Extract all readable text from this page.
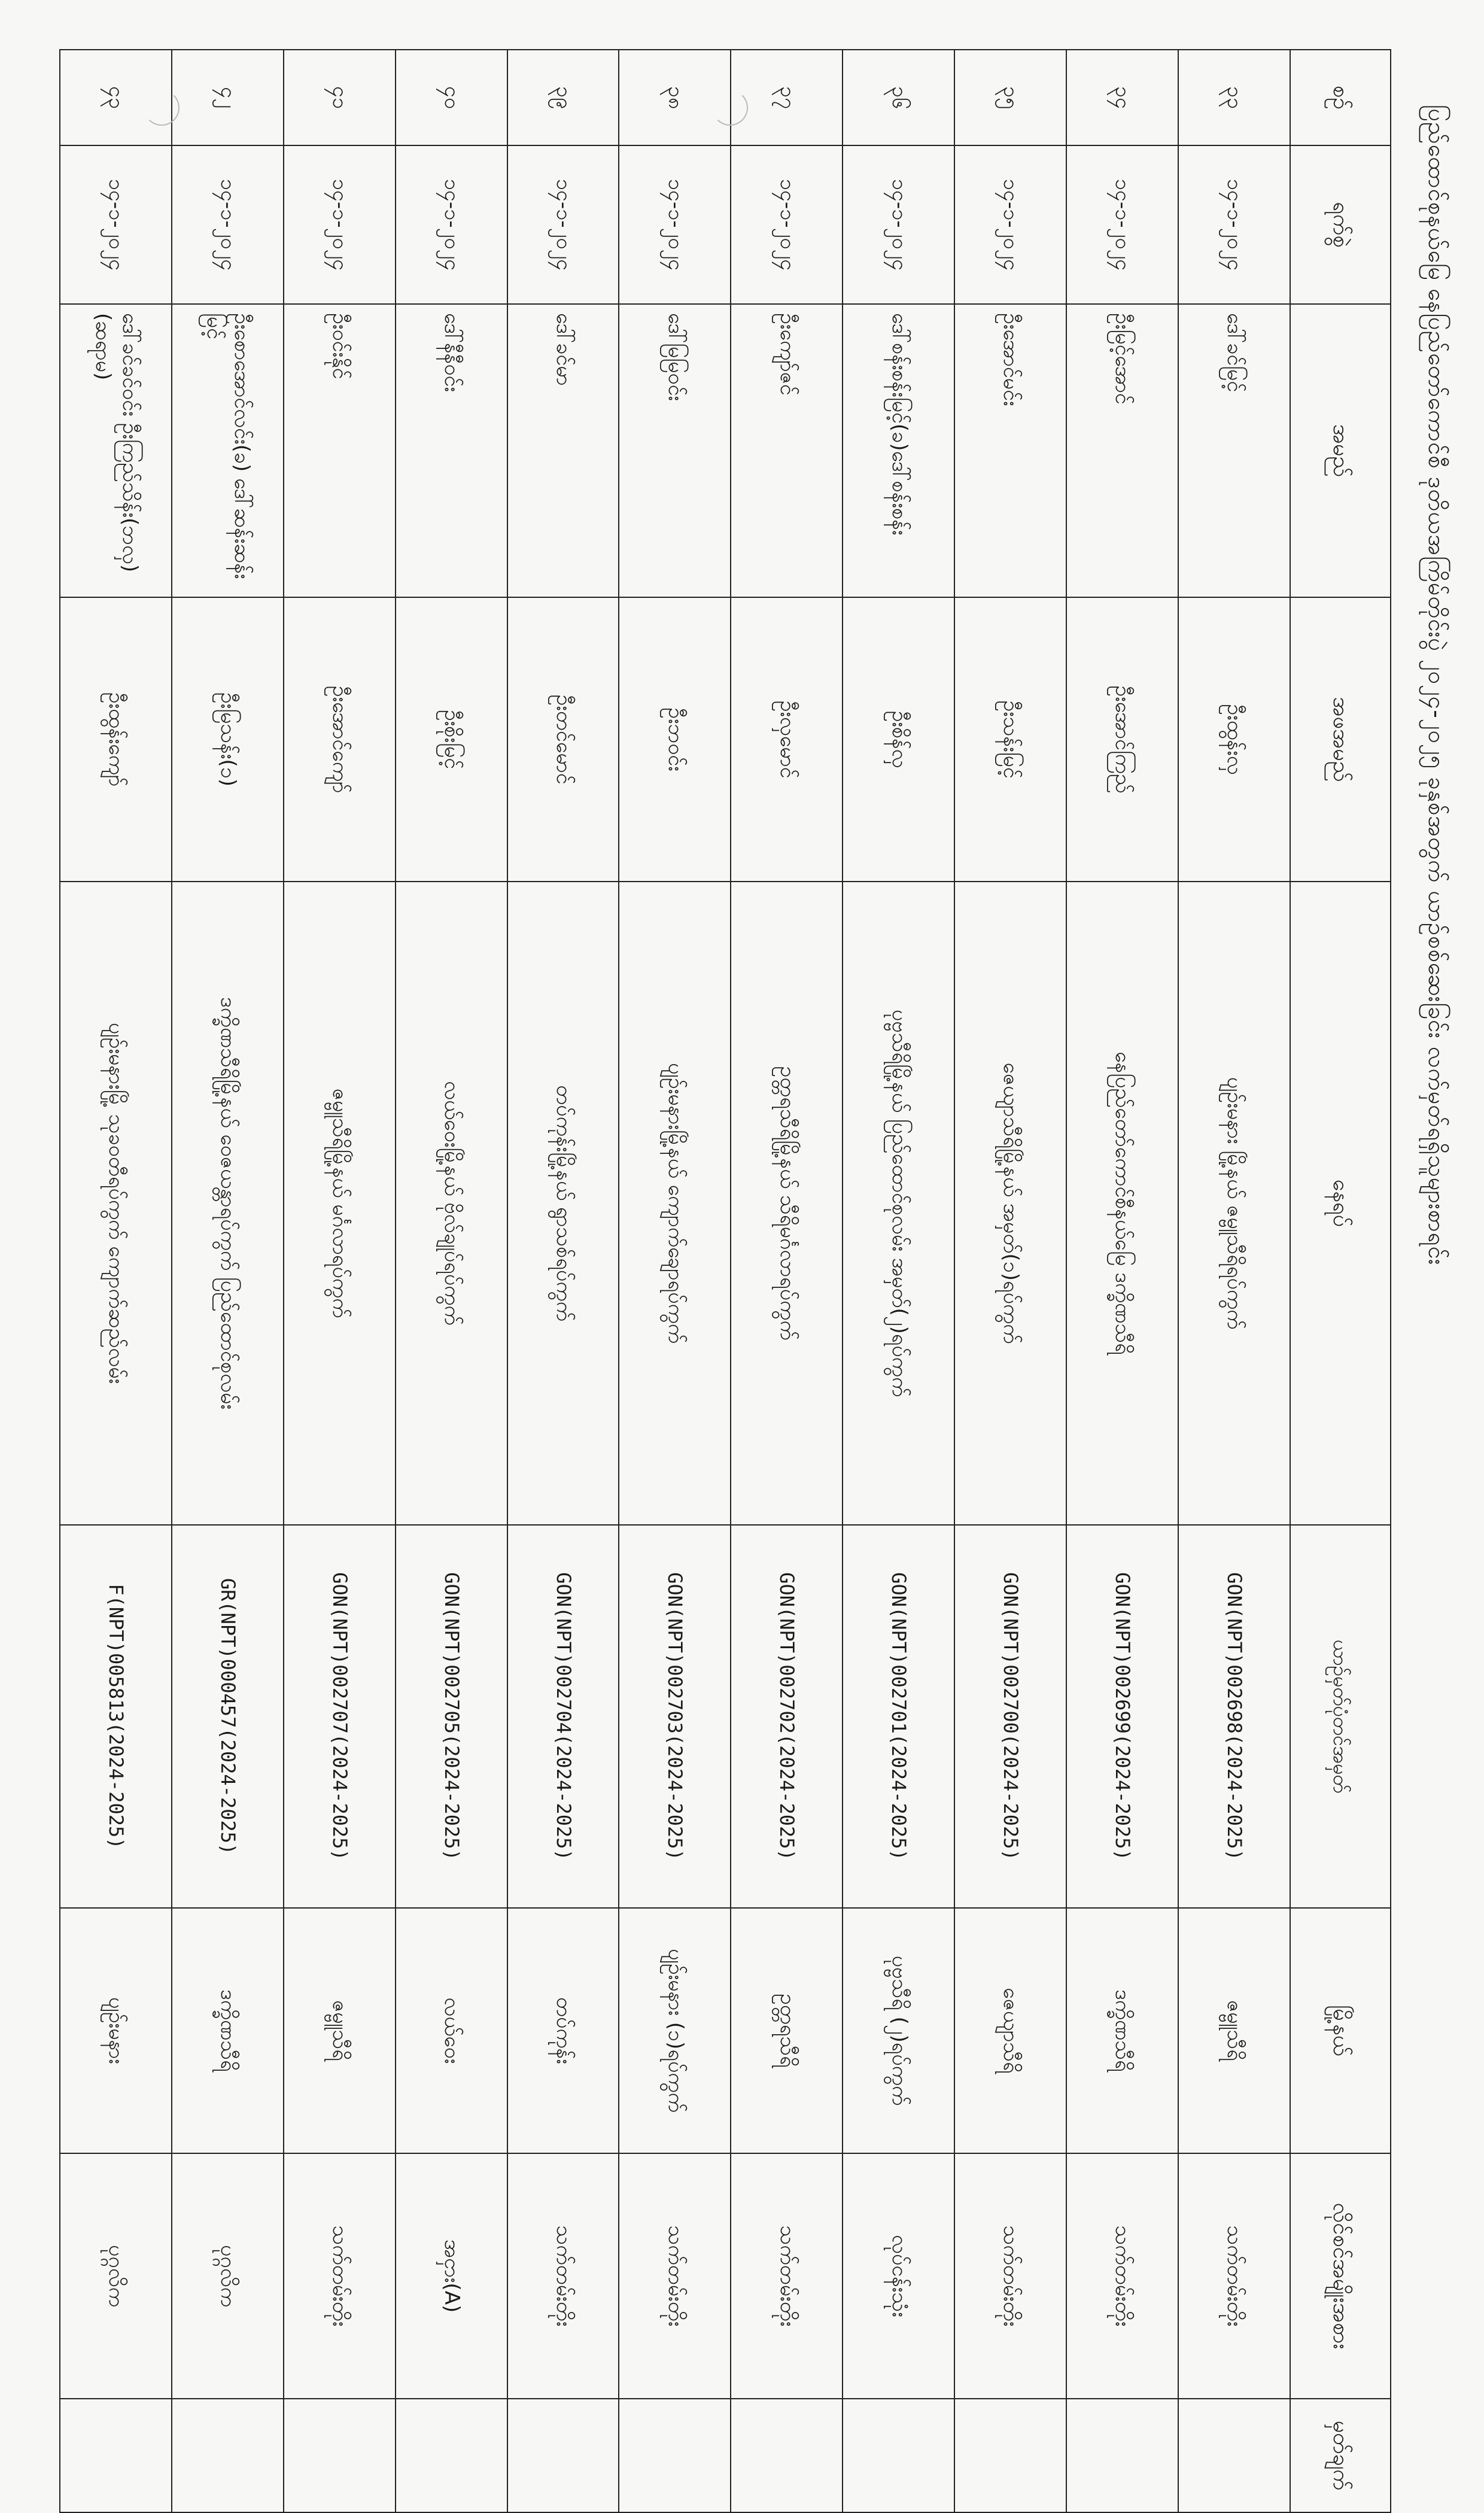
ပြည်ထောင်စုနယ်မြေ နေပြည်တော်ကောင်စီ ဒုတိယအကြိမ်တိုင်းပွဲ ၂၀၂၄-၂၀၂၅ ခုနှစ်အတွက် ယာဉ်စစ်ဆေးခြင်း လက်မှတ်ရရှိသူများစာရင်း
စဉ်	ရက်စွဲ	အမည်	အဖအမည်	နေရပ်	ယာဉ်မှတ်ပုံတင်အမှတ်	မြို့နယ်	လိုင်စင်အမျိုးအစား	မှတ်ချက်
၃၃	၁၄-၁-၂၀၂၄	ဒေါ်ခင်မြင့်	ဦးထွန်းလှ	ပျဉ်းမနား မြို့နယ် ဇမ္ဗူသီရိရပ်ကွက်	GON(NPT)002698(2024-2025)	ဇမ္ဗူသီရိ	သက်တမ်းတိုး	
၃၄	၁၄-၁-၂၀၂၄	ဦးမြင့်အောင်	ဦးအောင်ကြည်	နေပြည်တော်ကောင်စီနယ်မြေ ဒက္ခိဏသီရိ	GON(NPT)002699(2024-2025)	ဒက္ခိဏသီရိ	သက်တမ်းတိုး	
၃၅	၁၄-၁-၂၀၂၄	ဦးအောင်မင်း	ဦးသန်းမြင့်	ဇေယျာသီရိမြို့နယ် အမှတ်(၁)ရပ်ကွက်	GON(NPT)002700(2024-2025)	ဇေယျာသီရိ	သက်တမ်းတိုး	
၃၆	၁၄-၁-၂၀၂၄	ဒေါ်စန်းစန်းမြင့်(ခ)ဒေါ်စန်းစန်း	ဦးစိန်လှ	ပုဗ္ဗသီရိမြို့နယ် ပြည်ထောင်စုလမ်း အမှတ်(၂)ရပ်ကွက်	GON(NPT)002701(2024-2025)	ပုဗ္ဗသီရိ (၂)ရပ်ကွက်	လုပ်ငန်းသုံး	
၃၇	၁၄-၁-၂၀၂၄	ဦးကျော်ဇင်	ဦးလှမောင်	ဥတ္တရသီရိမြို့နယ် သီရိမင်္ဂလာရပ်ကွက်	GON(NPT)002702(2024-2025)	ဥတ္တရသီရိ	သက်တမ်းတိုး	
၃၈	၁၄-၁-၂၀၂၄	ဒေါ်မြမြဝင်း	ဦးဘဝင်း	ပျဉ်းမနားမြို့နယ် ကျောက်ချောရပ်ကွက်	GON(NPT)002703(2024-2025)	ပျဉ်းမနား (၁)ရပ်ကွက်	သက်တမ်းတိုး	
၃၉	၁၄-၁-၂၀၂၄	ဒေါ်ခင်မာ	ဦးတင်မောင်	တပ်ကုန်းမြို့နယ် ရွာသစ်ရပ်ကွက်	GON(NPT)002704(2024-2025)	တပ်ကုန်း	သက်တမ်းတိုး	
၄၀	၁၄-၁-၂၀၂၄	ဒေါ်နီနီဝင်း	ဦးစိုးမြင့်	လယ်ဝေးမြို့နယ် ဗိုလ်ချုပ်ရပ်ကွက်	GON(NPT)002705(2024-2025)	လယ်ဝေး	အငှား(A)	
၄၁	၁၄-၁-၂၀၂၄	ဦးဝင်းနိုင်	ဦးအောင်ကျော်	ဇမ္ဗူသီရိမြို့နယ် မင်္ဂလာရပ်ကွက်	GON(NPT)002707(2024-2025)	ဇမ္ဗူသီရိ	သက်တမ်းတိုး	
၄၂	၁၄-၁-၂၀၂၄	ဦးစောအောင်လင်း(ခ) ဒေါ်ဆန်းဆန်းမြင့်	ဦးမြသန်း(၁)	ဒက္ခိဏသီရိမြို့နယ် ဝေဇယန္တာရပ်ကွက် ပြည်ထောင်စုလမ်း	GR(NPT)000457(2024-2025)	ဒက္ခိဏသီရိ	ပုဂ္ဂလိက	
၄၃	၁၄-၁-၂၀၂၄	ဒေါ်ခင်ခင်ဝင်း ဦးကြည်သိန်း(ဘလှ) (ဆရာမ)	ဦးထွန်းကျော်	ပျဉ်းမနားမြို့ သုခဝတီရပ်ကွက် ကျောက်ဆည်လမ်း	F(NPT)005813(2024-2025)	ပျဉ်းမနား	ပုဂ္ဂလိက	
